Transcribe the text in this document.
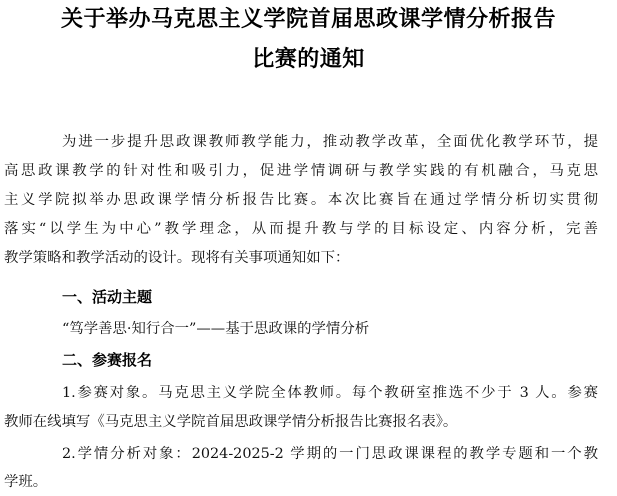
关于举办马克思主义学院首届思政课学情分析报告
比赛的通知
为进一步提升思政课教师教学能力，推动教学改革，全面优化教学环节，提
高思政课教学的针对性和吸引力，促进学情调研与教学实践的有机融合，马克思
主义学院拟举办思政课学情分析报告比赛。本次比赛旨在通过学情分析切实贯彻
落实“以学生为中心”教学理念，从而提升教与学的目标设定、内容分析，完善
教学策略和教学活动的设计。现将有关事项通知如下：
一、活动主题
“笃学善思·知行合一”——基于思政课的学情分析
二、参赛报名
1.参赛对象。马克思主义学院全体教师。每个教研室推选不少于 3 人。参赛
教师在线填写《马克思主义学院首届思政课学情分析报告比赛报名表》。
2.学情分析对象：2024-2025-2 学期的一门思政课课程的教学专题和一个教
学班。
